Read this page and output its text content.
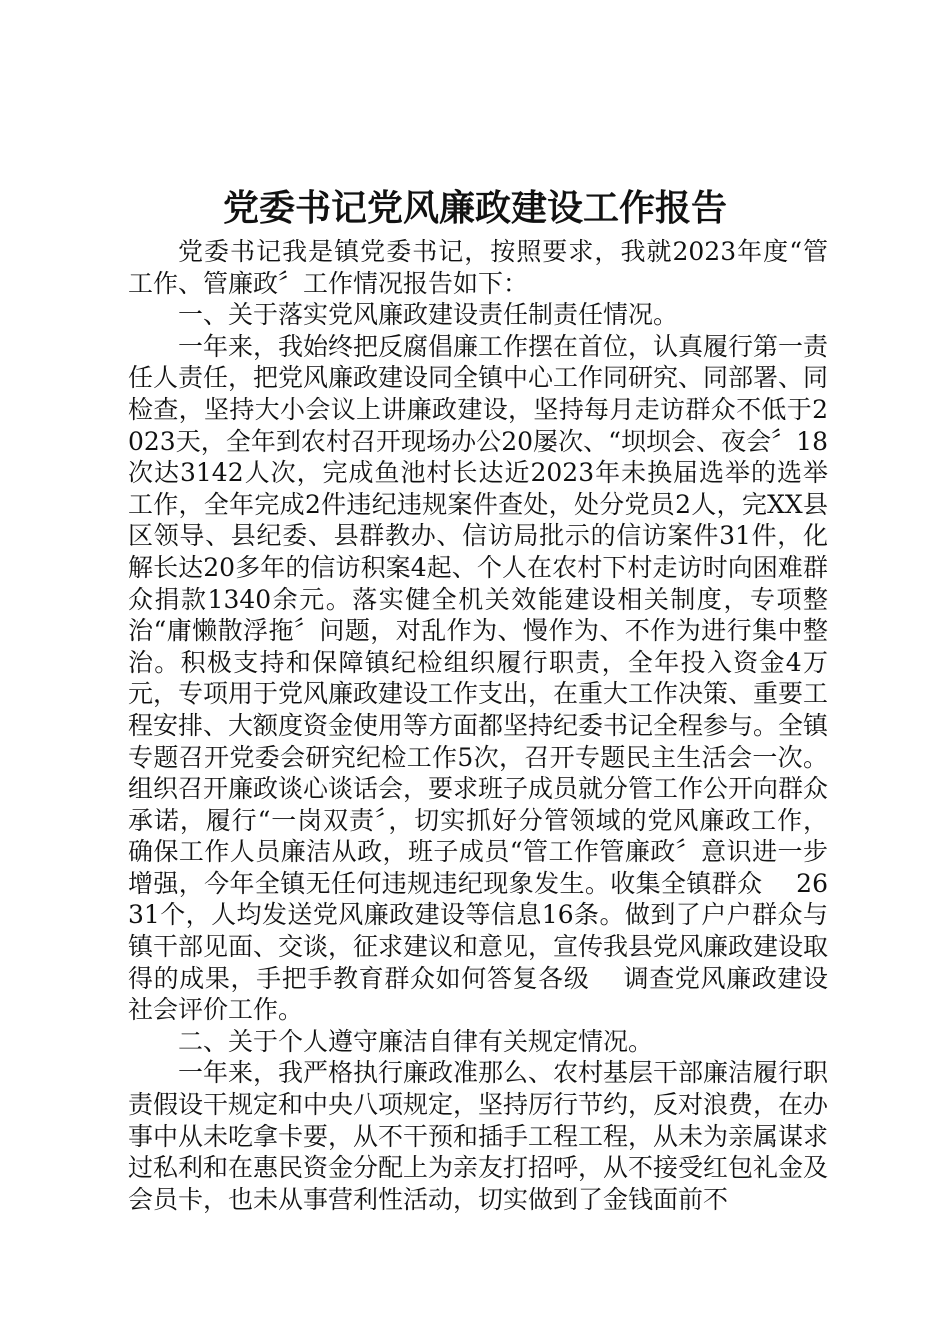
党委书记党风廉政建设工作报告

党委书记我是镇党委书记，按照要求，我就2023年度“管工作、管廉政〞工作情况报告如下：

一、关于落实党风廉政建设责任制责任情况。

一年来，我始终把反腐倡廉工作摆在首位，认真履行第一责任人责任，把党风廉政建设同全镇中心工作同研究、同部署、同检查，坚持大小会议上讲廉政建设，坚持每月走访群众不低于2023天，全年到农村召开现场办公20屡次、“坝坝会、夜会〞18次达3142人次，完成鱼池村长达近2023年未换届选举的选举工作，全年完成2件违纪违规案件查处，处分党员2人，完XX县区领导、县纪委、县群教办、信访局批示的信访案件31件，化解长达20多年的信访积案4起、个人在农村下村走访时向困难群众捐款1340余元。落实健全机关效能建设相关制度，专项整治“庸懒散浮拖〞问题，对乱作为、慢作为、不作为进行集中整治。积极支持和保障镇纪检组织履行职责，全年投入资金4万元，专项用于党风廉政建设工作支出，在重大工作决策、重要工程安排、大额度资金使用等方面都坚持纪委书记全程参与。全镇专题召开党委会研究纪检工作5次，召开专题民主生活会一次。组织召开廉政谈心谈话会，要求班子成员就分管工作公开向群众承诺，履行“一岗双责〞，切实抓好分管领域的党风廉政工作，确保工作人员廉洁从政，班子成员“管工作管廉政〞意识进一步增强，今年全镇无任何违规违纪现象发生。收集全镇群众　 2631个，人均发送党风廉政建设等信息16条。做到了户户群众与镇干部见面、交谈，征求建议和意见，宣传我县党风廉政建设取得的成果，手把手教育群众如何答复各级　 调查党风廉政建设社会评价工作。

二、关于个人遵守廉洁自律有关规定情况。

一年来，我严格执行廉政准那么、农村基层干部廉洁履行职责假设干规定和中央八项规定，坚持厉行节约，反对浪费，在办事中从未吃拿卡要，从不干预和插手工程工程，从未为亲属谋求过私利和在惠民资金分配上为亲友打招呼，从不接受红包礼金及会员卡，也未从事营利性活动，切实做到了金钱面前不
